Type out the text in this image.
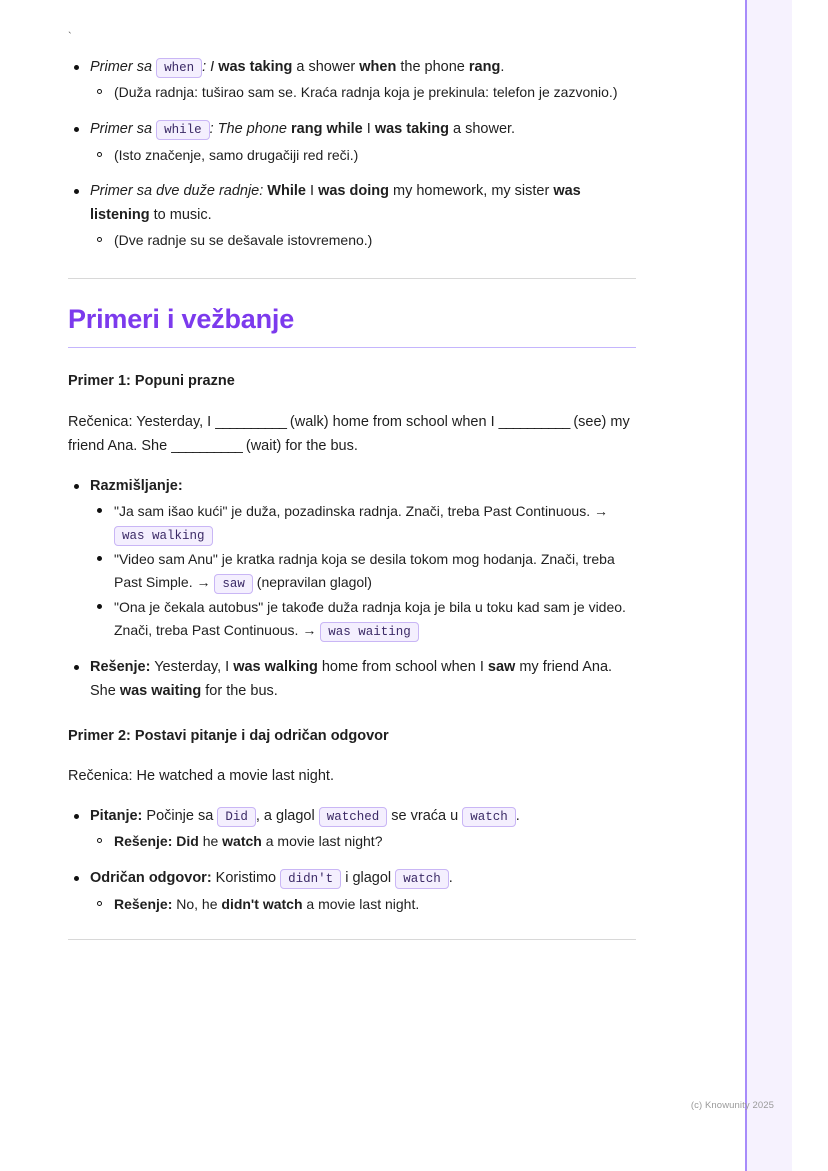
`
Primer sa when : I was taking a shower when the phone rang.
(Duža radnja: tuširao sam se. Kraća radnja koja je prekinula: telefon je zazvonio.)
Primer sa while : The phone rang while I was taking a shower.
(Isto značenje, samo drugačiji red reči.)
Primer sa dve duže radnje: While I was doing my homework, my sister was listening to music.
(Dve radnje su se dešavale istovremeno.)
Primeri i vežbanje

Primer 1: Popuni prazne

Rečenica: Yesterday, I __________ (walk) home from school when I __________ (see) my friend Ana. She __________ (wait) for the bus.

Razmišljanje:
"Ja sam išao kući" je duža, pozadinska radnja. Znači, treba Past Continuous. → was walking
"Video sam Anu" je kratka radnja koja se desila tokom mog hodanja. Znači, treba Past Simple. → saw (nepravilan glagol)
"Ona je čekala autobus" je takođe duža radnja koja je bila u toku kad sam je video. Znači, treba Past Continuous. → was waiting
Rešenje: Yesterday, I was walking home from school when I saw my friend Ana. She was waiting for the bus.

Primer 2: Postavi pitanje i daj odričan odgovor

Rečenica: He watched a movie last night.

Pitanje: Počinje sa Did , a glagol watched se vraća u watch .
Rešenje: Did he watch a movie last night?
Odričan odgovor: Koristimo didn't i glagol watch .
Rešenje: No, he didn't watch a movie last night.
(c) Knowunity 2025
